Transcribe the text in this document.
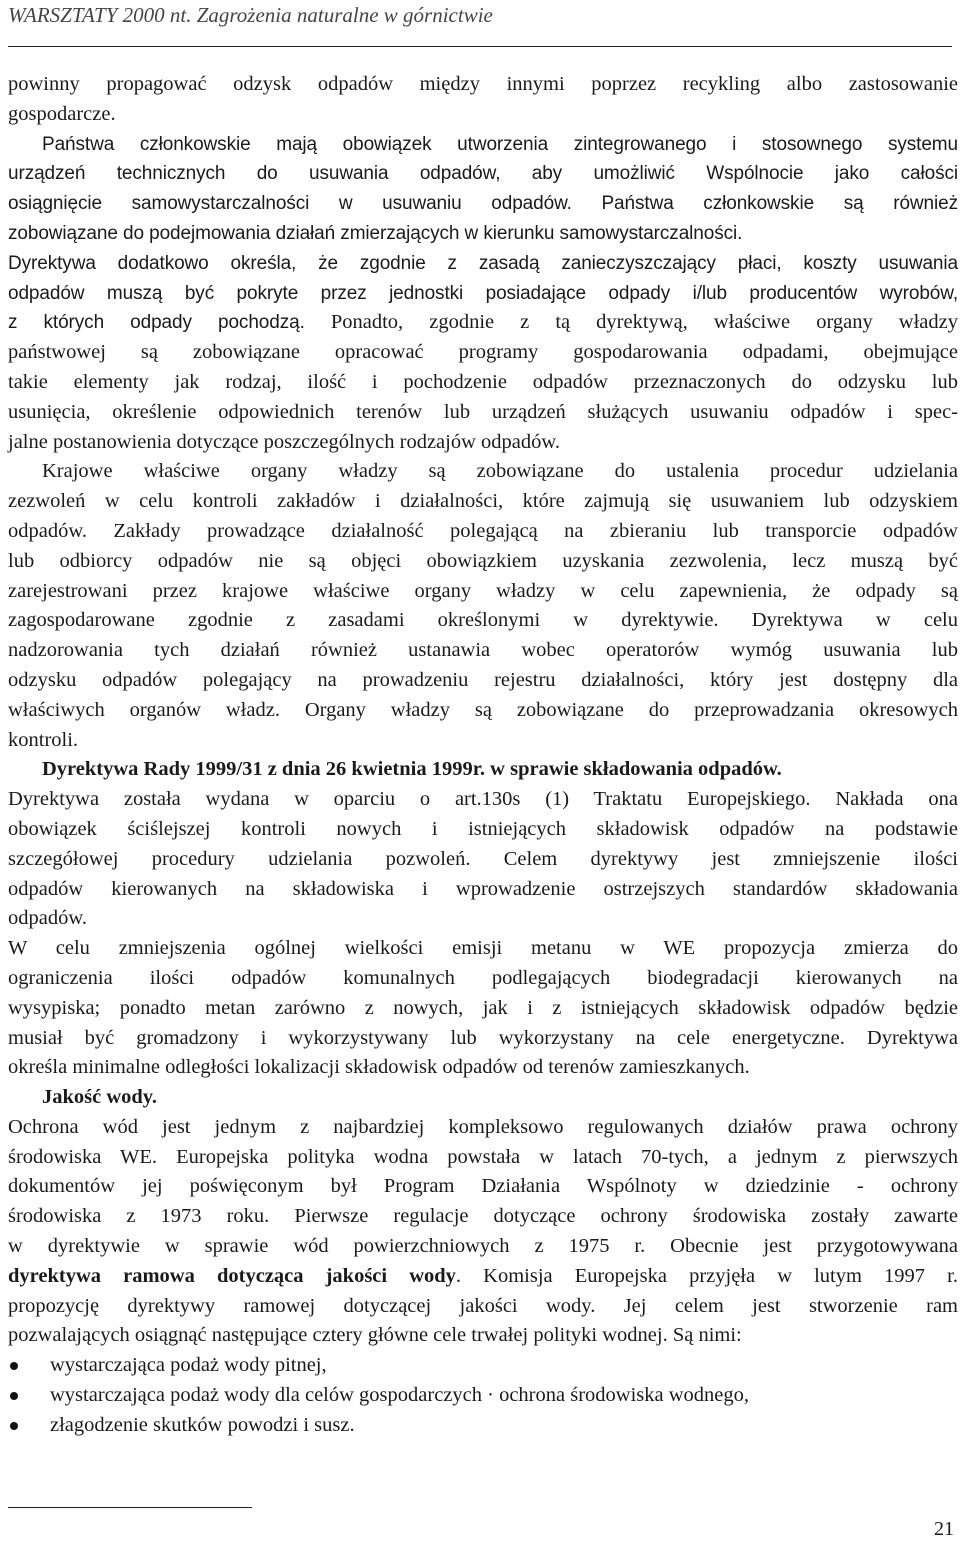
WARSZTATY 2000 nt. Zagrożenia naturalne w górnictwie
powinny propagować odzysk odpadów między innymi poprzez recykling albo zastosowanie
gospodarcze.
Państwa członkowskie mają obowiązek utworzenia zintegrowanego i stosownego systemu
urządzeń technicznych do usuwania odpadów, aby umożliwić Wspólnocie jako całości
osiągnięcie samowystarczalności w usuwaniu odpadów. Państwa członkowskie są również
zobowiązane do podejmowania działań zmierzających w kierunku samowystarczalności.
Dyrektywa dodatkowo określa, że zgodnie z zasadą zanieczyszczający płaci, koszty usuwania
odpadów muszą być pokryte przez jednostki posiadające odpady i/lub producentów wyrobów,
z których odpady pochodzą. Ponadto, zgodnie z tą dyrektywą, właściwe organy władzy
państwowej są zobowiązane opracować programy gospodarowania odpadami, obejmujące
takie elementy jak rodzaj, ilość i pochodzenie odpadów przeznaczonych do odzysku lub
usunięcia, określenie odpowiednich terenów lub urządzeń służących usuwaniu odpadów i spec-
jalne postanowienia dotyczące poszczególnych rodzajów odpadów.
Krajowe właściwe organy władzy są zobowiązane do ustalenia procedur udzielania
zezwoleń w celu kontroli zakładów i działalności, które zajmują się usuwaniem lub odzyskiem
odpadów. Zakłady prowadzące działalność polegającą na zbieraniu lub transporcie odpadów
lub odbiorcy odpadów nie są objęci obowiązkiem uzyskania zezwolenia, lecz muszą być
zarejestrowani przez krajowe właściwe organy władzy w celu zapewnienia, że odpady są
zagospodarowane zgodnie z zasadami określonymi w dyrektywie. Dyrektywa w celu
nadzorowania tych działań również ustanawia wobec operatorów wymóg usuwania lub
odzysku odpadów polegający na prowadzeniu rejestru działalności, który jest dostępny dla
właściwych organów władz. Organy władzy są zobowiązane do przeprowadzania okresowych
kontroli.
Dyrektywa Rady 1999/31 z dnia 26 kwietnia 1999r. w sprawie składowania odpadów.
Dyrektywa została wydana w oparciu o art.130s (1) Traktatu Europejskiego. Nakłada ona
obowiązek ściślejszej kontroli nowych i istniejących składowisk odpadów na podstawie
szczegółowej procedury udzielania pozwoleń. Celem dyrektywy jest zmniejszenie ilości
odpadów kierowanych na składowiska i wprowadzenie ostrzejszych standardów składowania
odpadów.
W celu zmniejszenia ogólnej wielkości emisji metanu w WE propozycja zmierza do
ograniczenia ilości odpadów komunalnych podlegających biodegradacji kierowanych na
wysypiska; ponadto metan zarówno z nowych, jak i z istniejących składowisk odpadów będzie
musiał być gromadzony i wykorzystywany lub wykorzystany na cele energetyczne. Dyrektywa
określa minimalne odległości lokalizacji składowisk odpadów od terenów zamieszkanych.
Jakość wody.
Ochrona wód jest jednym z najbardziej kompleksowo regulowanych działów prawa ochrony
środowiska WE. Europejska polityka wodna powstała w latach 70-tych, a jednym z pierwszych
dokumentów jej poświęconym był Program Działania Wspólnoty w dziedzinie - ochrony
środowiska z 1973 roku. Pierwsze regulacje dotyczące ochrony środowiska zostały zawarte
w dyrektywie w sprawie wód powierzchniowych z 1975 r. Obecnie jest przygotowywana
dyrektywa ramowa dotycząca jakości wody. Komisja Europejska przyjęła w lutym 1997 r.
propozycję dyrektywy ramowej dotyczącej jakości wody. Jej celem jest stworzenie ram
pozwalających osiągnąć następujące cztery główne cele trwałej polityki wodnej. Są nimi:
wystarczająca podaż wody pitnej,
wystarczająca podaż wody dla celów gospodarczych · ochrona środowiska wodnego,
złagodzenie skutków powodzi i susz.
21
